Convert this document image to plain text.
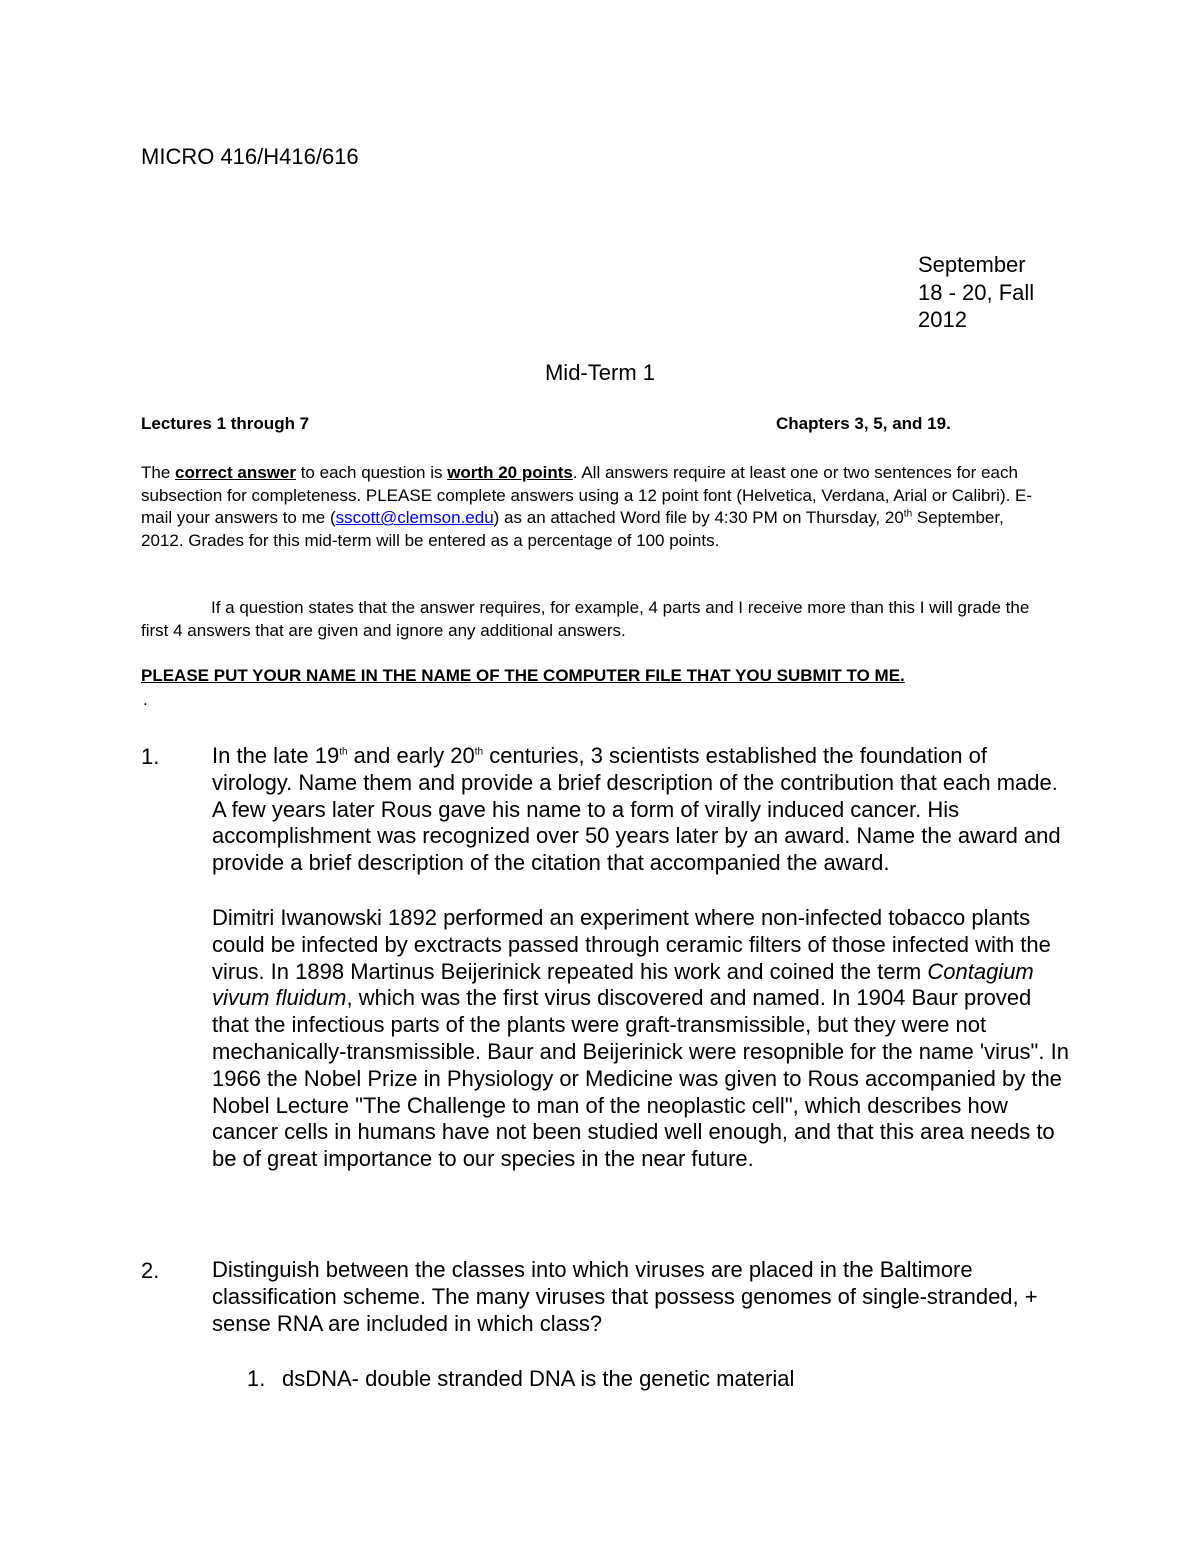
MICRO 416/H416/616
September
18 - 20, Fall
2012
Mid-Term 1
Lectures 1 through 7	Chapters 3, 5, and 19.

The correct answer to each question is worth 20 points. All answers require at least one or two sentences for each subsection for completeness. PLEASE complete answers using a 12 point font (Helvetica, Verdana, Arial or Calibri). E-mail your answers to me (sscott@clemson.edu) as an attached Word file by 4:30 PM on Thursday, 20th September, 2012. Grades for this mid-term will be entered as a percentage of 100 points.

If a question states that the answer requires, for example, 4 parts and I receive more than this I will grade the first 4 answers that are given and ignore any additional answers.

PLEASE PUT YOUR NAME IN THE NAME OF THE COMPUTER FILE THAT YOU SUBMIT TO ME.
.
1. In the late 19th and early 20th centuries, 3 scientists established the foundation of virology. Name them and provide a brief description of the contribution that each made. A few years later Rous gave his name to a form of virally induced cancer. His accomplishment was recognized over 50 years later by an award. Name the award and provide a brief description of the citation that accompanied the award.

Dimitri Iwanowski 1892 performed an experiment where non-infected tobacco plants could be infected by exctracts passed through ceramic filters of those infected with the virus. In 1898 Martinus Beijerinick repeated his work and coined the term Contagium vivum fluidum, which was the first virus discovered and named. In 1904 Baur proved that the infectious parts of the plants were graft-transmissible, but they were not mechanically-transmissible. Baur and Beijerinick were resopnible for the name 'virus". In 1966 the Nobel Prize in Physiology or Medicine was given to Rous accompanied by the Nobel Lecture "The Challenge to man of the neoplastic cell", which describes how cancer cells in humans have not been studied well enough, and that this area needs to be of great importance to our species in the near future.

2. Distinguish between the classes into which viruses are placed in the Baltimore classification scheme. The many viruses that possess genomes of single-stranded, + sense RNA are included in which class?

1. dsDNA- double stranded DNA is the genetic material
